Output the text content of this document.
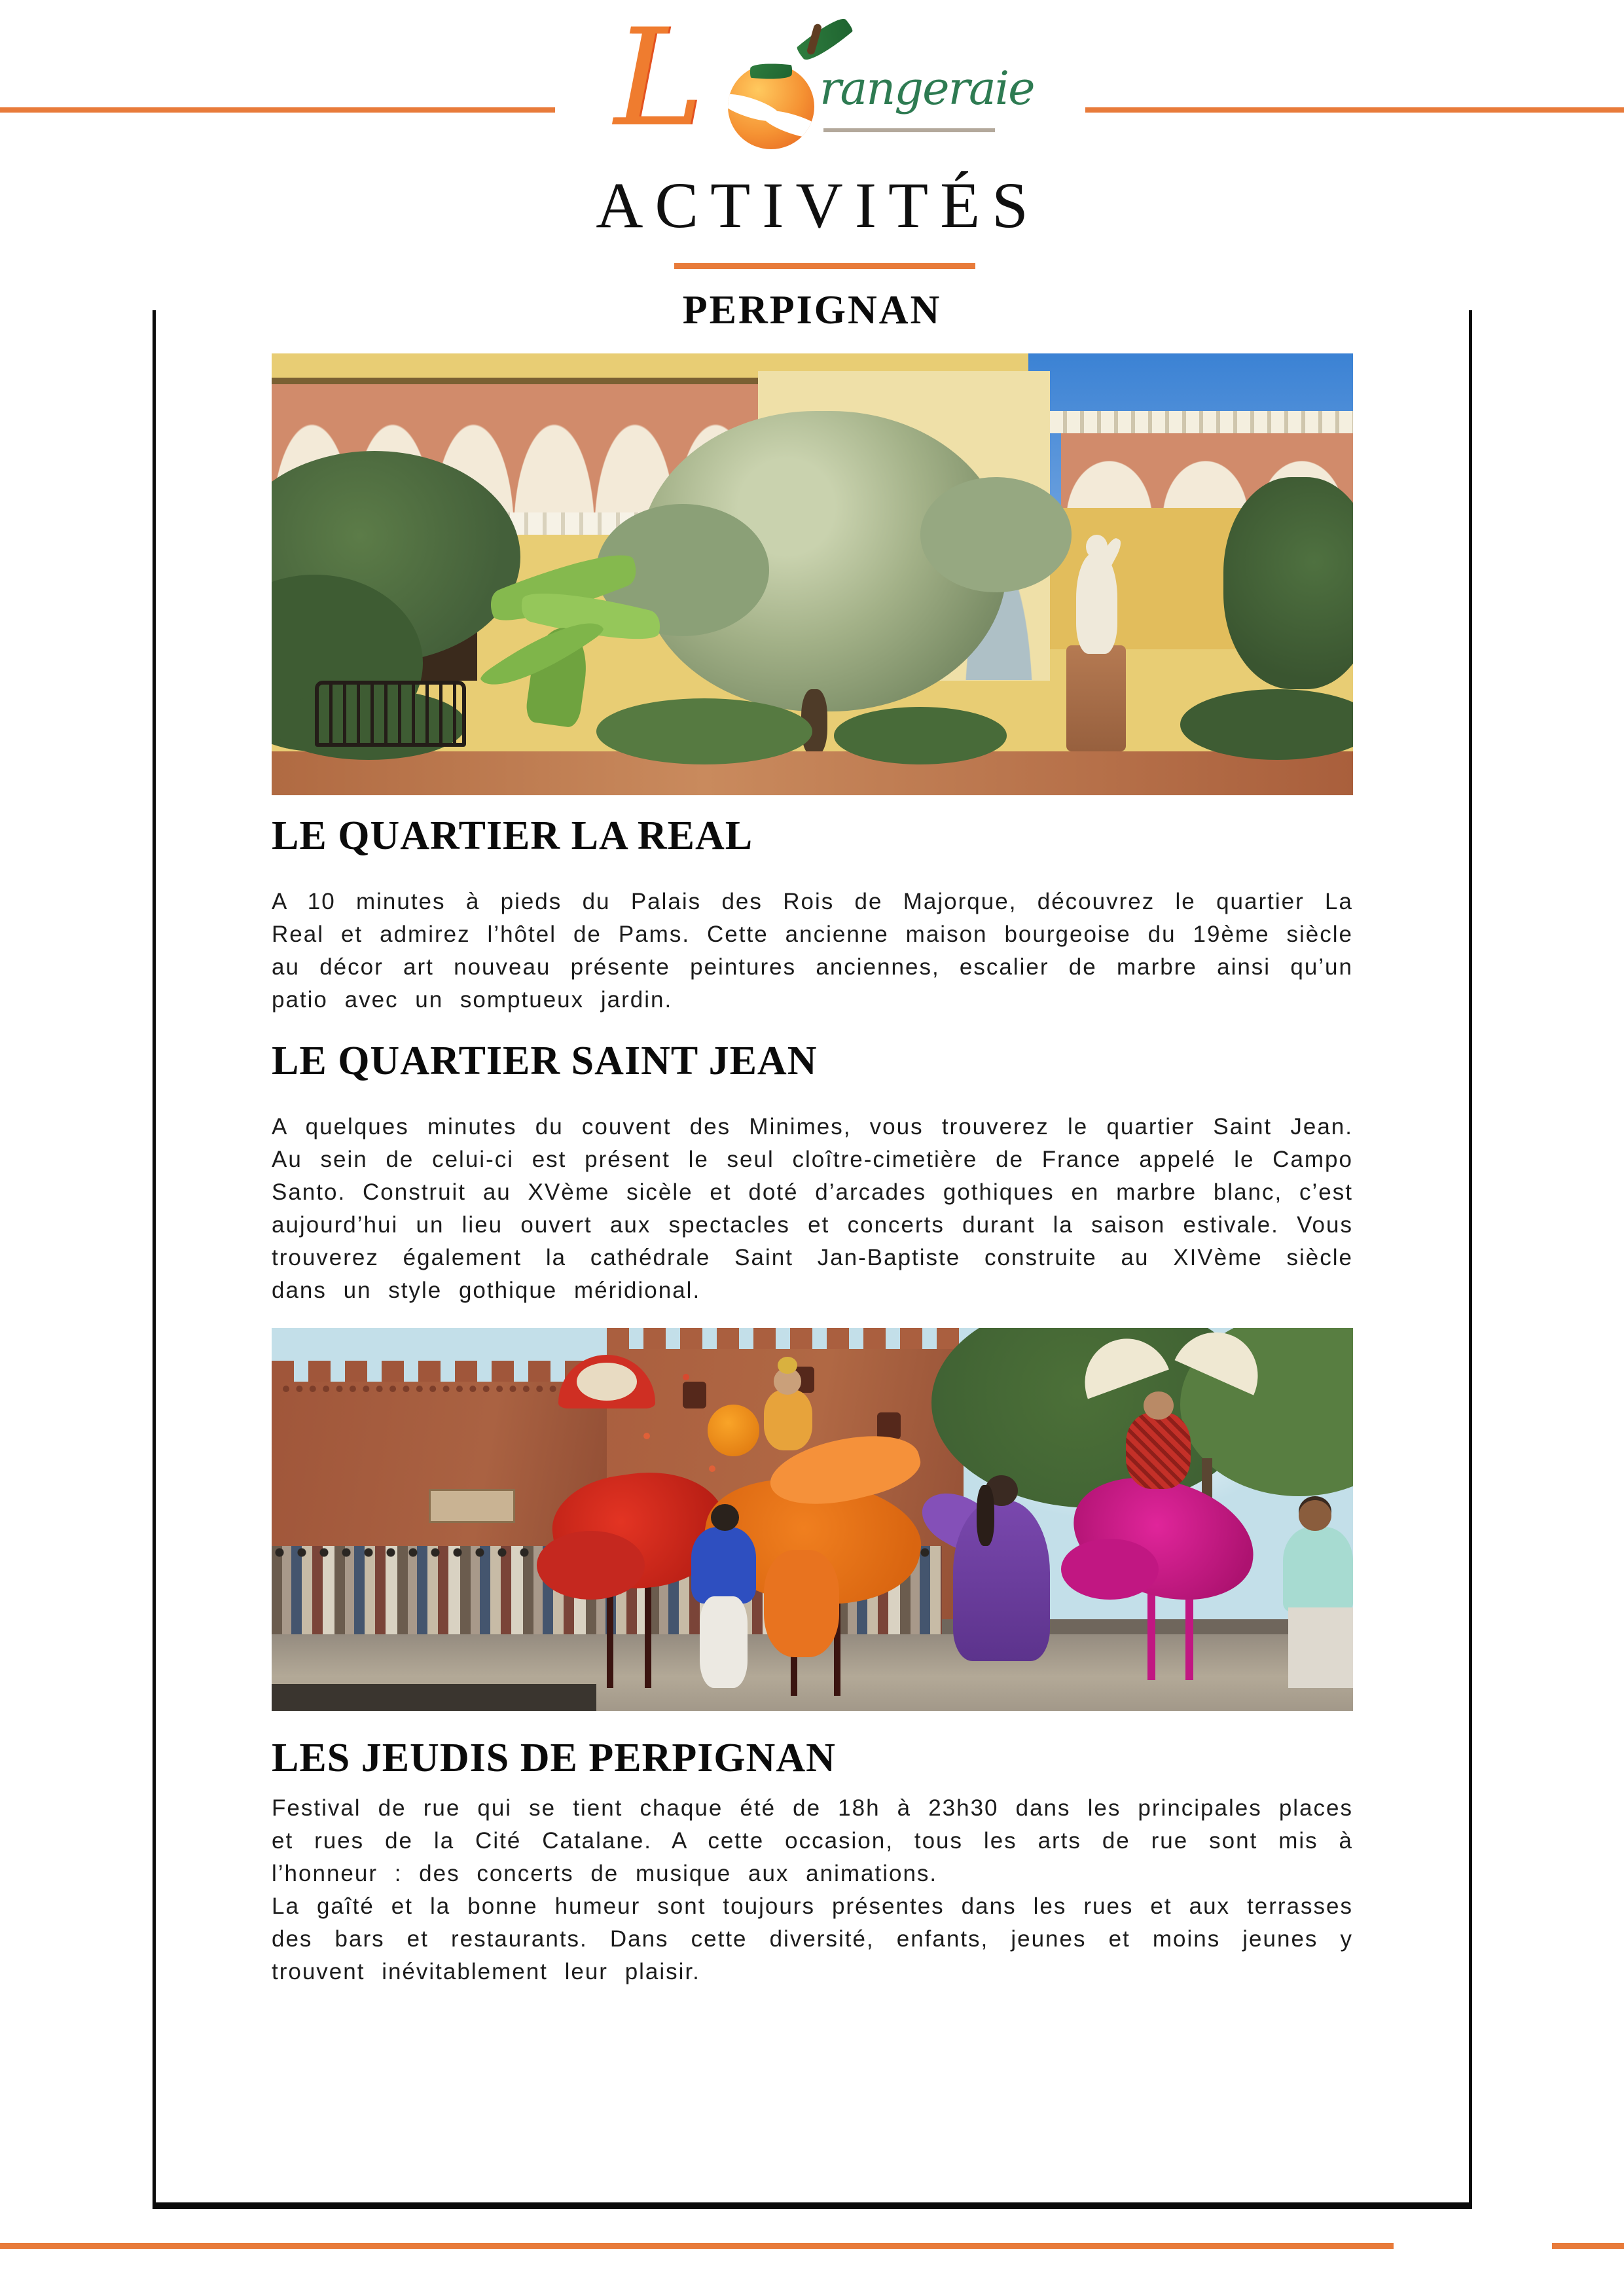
L	rangeraie
ACTIVITÉS
PERPIGNAN
LE QUARTIER LA REAL

A 10 minutes à pieds du Palais des Rois de Majorque, découvrez le quartier La Real et admirez l’hôtel de Pams. Cette ancienne maison bourgeoise du 19ème siècle au décor art nouveau présente peintures anciennes, escalier de marbre ainsi qu’un patio avec un somptueux jardin.

LE QUARTIER SAINT JEAN

A quelques minutes du couvent des Minimes, vous trouverez le quartier Saint Jean. Au sein de celui-ci est présent le seul cloître-cimetière de France appelé le Campo Santo. Construit au XVème sicèle et doté d’arcades gothiques en marbre blanc, c’est aujourd’hui un lieu ouvert aux spectacles et concerts durant la saison estivale. Vous trouverez également la cathédrale Saint Jan-Baptiste construite au XIVème siècle dans un style gothique méridional.

LES JEUDIS DE PERPIGNAN

Festival de rue qui se tient chaque été de 18h à 23h30 dans les principales places et rues de la Cité Catalane. A cette occasion, tous les arts de rue sont mis à l’honneur : des concerts de musique aux animations.

La gaîté et la bonne humeur sont toujours présentes dans les rues et aux terrasses des bars et restaurants. Dans cette diversité, enfants, jeunes et moins jeunes y trouvent inévitablement leur plaisir.
